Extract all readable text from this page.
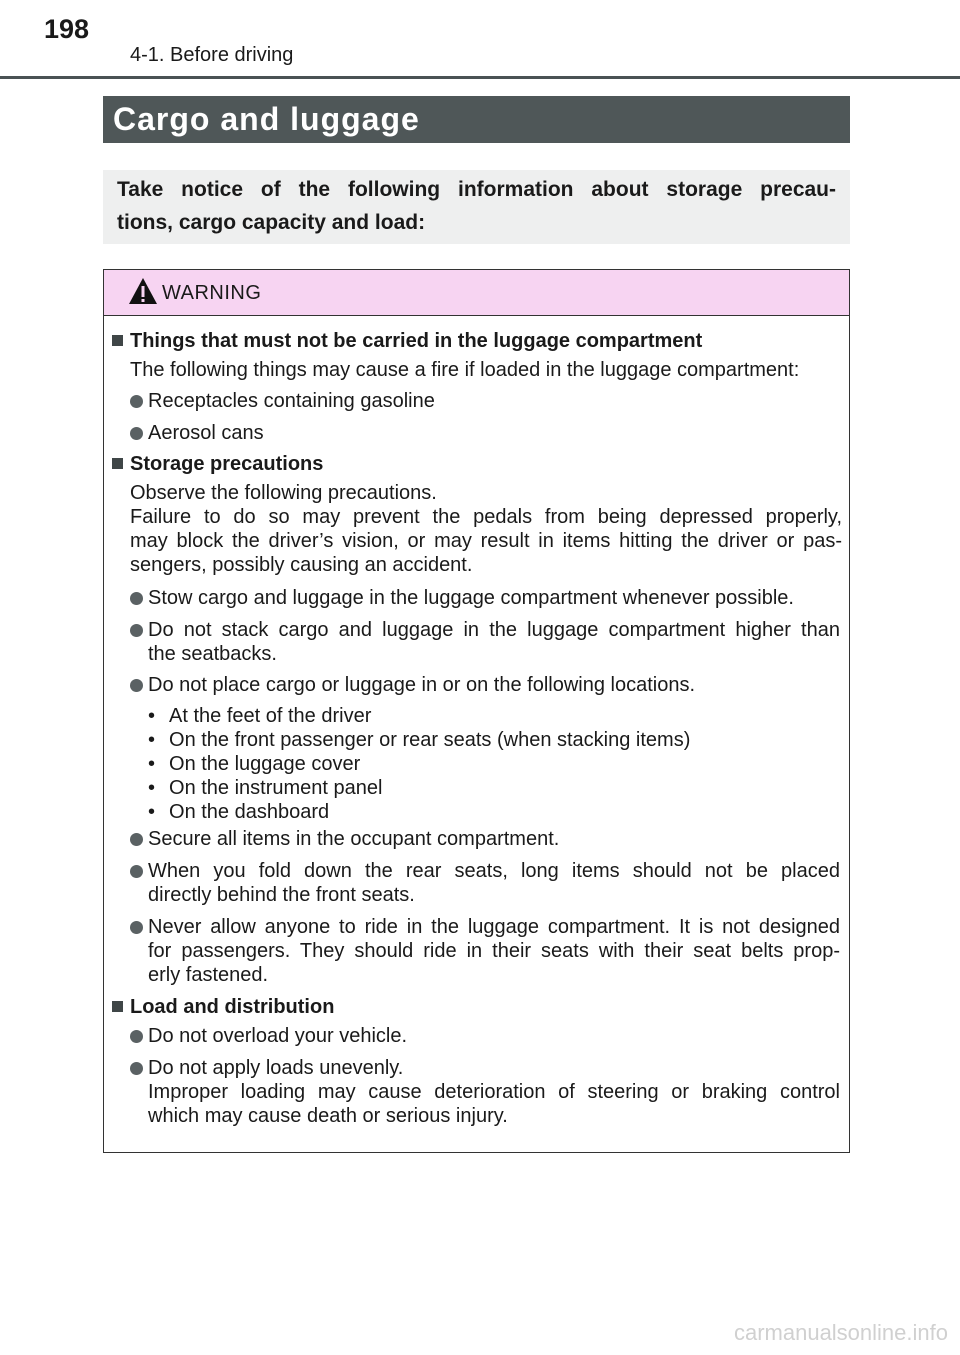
198
4-1. Before driving
Cargo and luggage
Take notice of the following information about storage precau-
tions, cargo capacity and load:
WARNING
Things that must not be carried in the luggage compartment
The following things may cause a fire if loaded in the luggage compartment:
Receptacles containing gasoline
Aerosol cans
Storage precautions
Observe the following precautions.
Failure to do so may prevent the pedals from being depressed properly,
may block the driver’s vision, or may result in items hitting the driver or pas-
sengers, possibly causing an accident.
Stow cargo and luggage in the luggage compartment whenever possible.
Do not stack cargo and luggage in the luggage compartment higher than
the seatbacks.
Do not place cargo or luggage in or on the following locations.
• At the feet of the driver
• On the front passenger or rear seats (when stacking items)
• On the luggage cover
• On the instrument panel
• On the dashboard
Secure all items in the occupant compartment.
When you fold down the rear seats, long items should not be placed
directly behind the front seats.
Never allow anyone to ride in the luggage compartment. It is not designed
for passengers. They should ride in their seats with their seat belts prop-
erly fastened.
Load and distribution
Do not overload your vehicle.
Do not apply loads unevenly.
Improper loading may cause deterioration of steering or braking control
which may cause death or serious injury.
carmanualsonline.info
